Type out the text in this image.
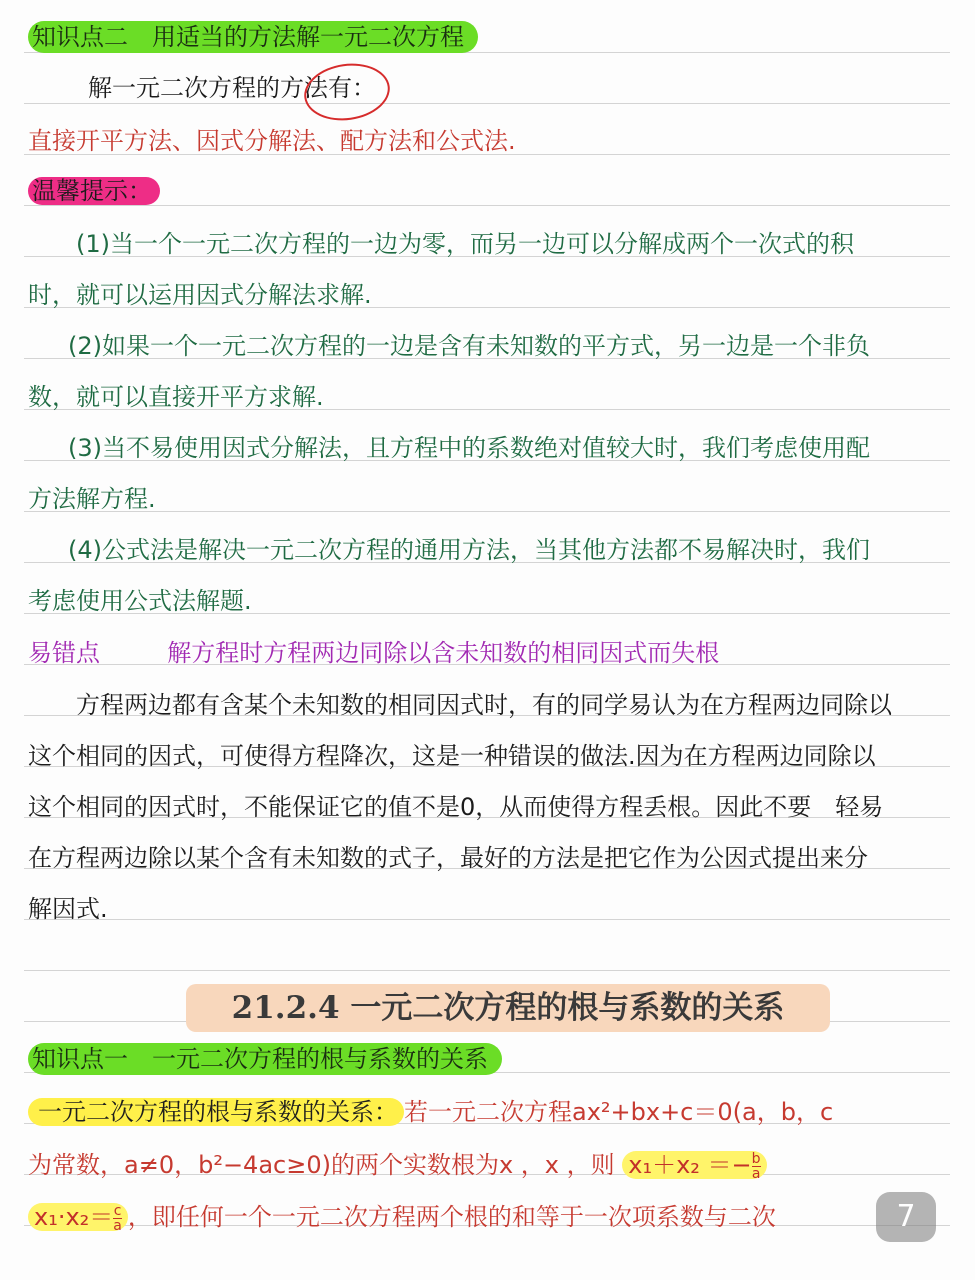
知识点二　用适当的方法解一元二次方程
解一元二次方程的方法有：
直接开平方法、因式分解法、配方法和公式法.
温馨提示：
(1)当一个一元二次方程的一边为零，而另一边可以分解成两个一次式的积
时，就可以运用因式分解法求解.
(2)如果一个一元二次方程的一边是含有未知数的平方式，另一边是一个非负
数，就可以直接开平方求解.
(3)当不易使用因式分解法，且方程中的系数绝对值较大时，我们考虑使用配
方法解方程.
(4)公式法是解决一元二次方程的通用方法，当其他方法都不易解决时，我们
考虑使用公式法解题.
易错点	解方程时方程两边同除以含未知数的相同因式而失根
方程两边都有含某个未知数的相同因式时，有的同学易认为在方程两边同除以
这个相同的因式，可使得方程降次，这是一种错误的做法.因为在方程两边同除以
这个相同的因式时，不能保证它的值不是0，从而使得方程丢根。因此不要　轻易
在方程两边除以某个含有未知数的式子，最好的方法是把它作为公因式提出来分
解因式.
21.2.4 一元二次方程的根与系数的关系
知识点一　一元二次方程的根与系数的关系
一元二次方程的根与系数的关系： 若一元二次方程ax²+bx+c＝0(a，b，c
为常数，a≠0，b²−4ac≥0)的两个实数根为x ，x ，则 $x_1+x_2 =- \frac{b}{a}$
$x_1\cdot x_2= \frac{c}{a}$ ，即任何一个一元二次方程两个根的和等于一次项系数与二次	7
